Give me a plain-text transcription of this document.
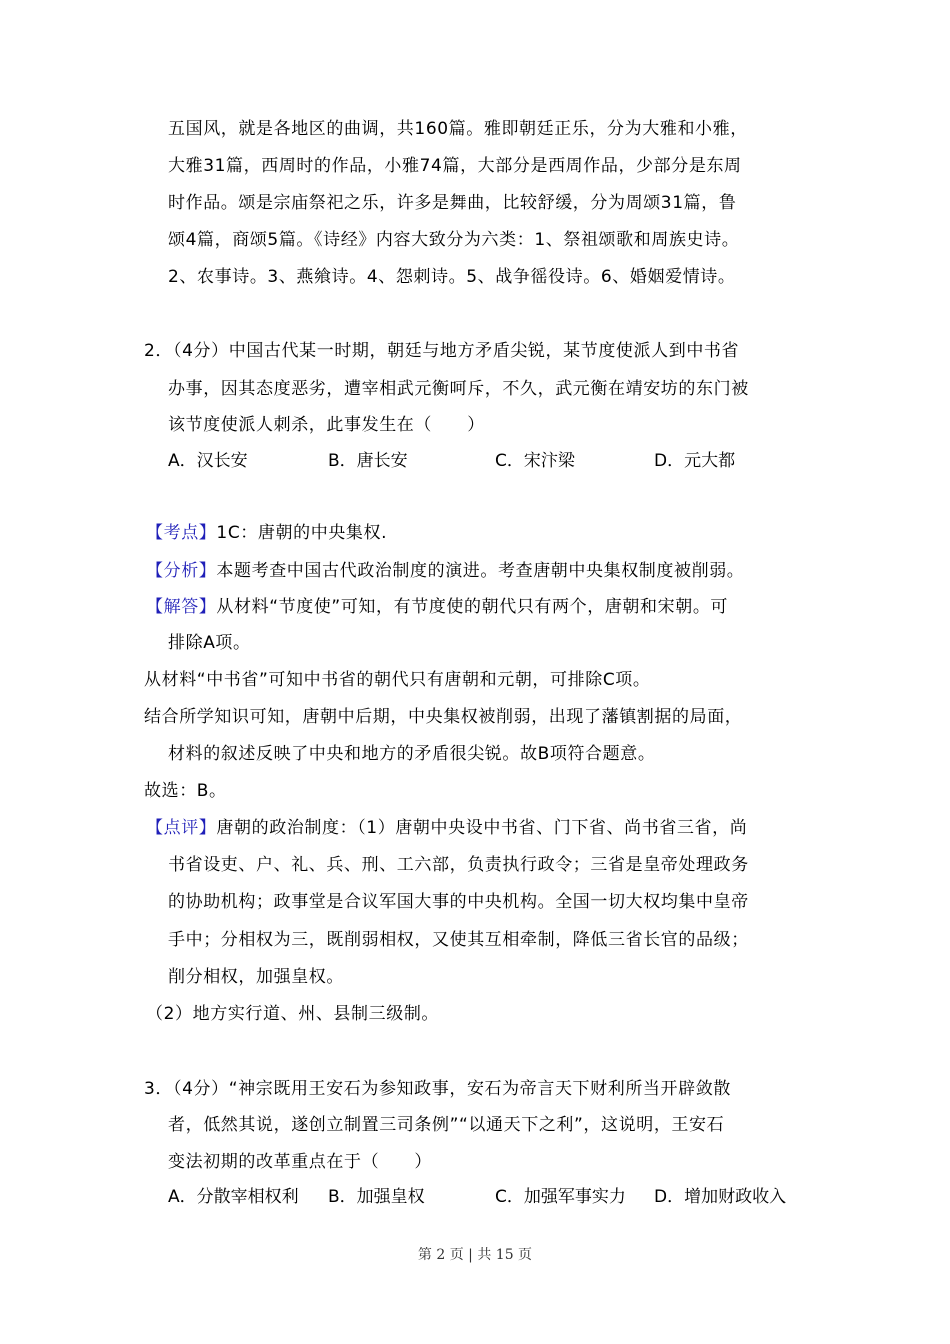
五国风，就是各地区的曲调，共160篇。雅即朝廷正乐，分为大雅和小雅，
大雅31篇，西周时的作品，小雅74篇，大部分是西周作品，少部分是东周
时作品。颂是宗庙祭祀之乐，许多是舞曲，比较舒缓，分为周颂31篇，鲁
颂4篇，商颂5篇。《诗经》内容大致分为六类：1、祭祖颂歌和周族史诗。
2、农事诗。3、燕飨诗。4、怨刺诗。5、战争徭役诗。6、婚姻爱情诗。
2．（4分）中国古代某一时期，朝廷与地方矛盾尖锐，某节度使派人到中书省
办事，因其态度恶劣，遭宰相武元衡呵斥，不久，武元衡在靖安坊的东门被
该节度使派人刺杀，此事发生在（　　）
A．汉长安	B．唐长安	C．宋汴梁	D．元大都
【考点】1C：唐朝的中央集权.
【分析】本题考查中国古代政治制度的演进。考查唐朝中央集权制度被削弱。
【解答】从材料“节度使”可知，有节度使的朝代只有两个，唐朝和宋朝。可
排除A项。
从材料“中书省”可知中书省的朝代只有唐朝和元朝，可排除C项。
结合所学知识可知，唐朝中后期，中央集权被削弱，出现了藩镇割据的局面，
材料的叙述反映了中央和地方的矛盾很尖锐。故B项符合题意。
故选：B。
【点评】唐朝的政治制度：（1）唐朝中央设中书省、门下省、尚书省三省，尚
书省设吏、户、礼、兵、刑、工六部，负责执行政令；三省是皇帝处理政务
的协助机构；政事堂是合议军国大事的中央机构。全国一切大权均集中皇帝
手中；分相权为三，既削弱相权，又使其互相牵制，降低三省长官的品级；
削分相权，加强皇权。
（2）地方实行道、州、县制三级制。
3．（4分）“神宗既用王安石为参知政事，安石为帝言天下财利所当开辟敛散
者，低然其说，遂创立制置三司条例”“以通天下之利”，这说明，王安石
变法初期的改革重点在于（　　）
A．分散宰相权利 B．加强皇权	C．加强军事实力 D．增加财政收入
第 2 页 | 共 15 页
